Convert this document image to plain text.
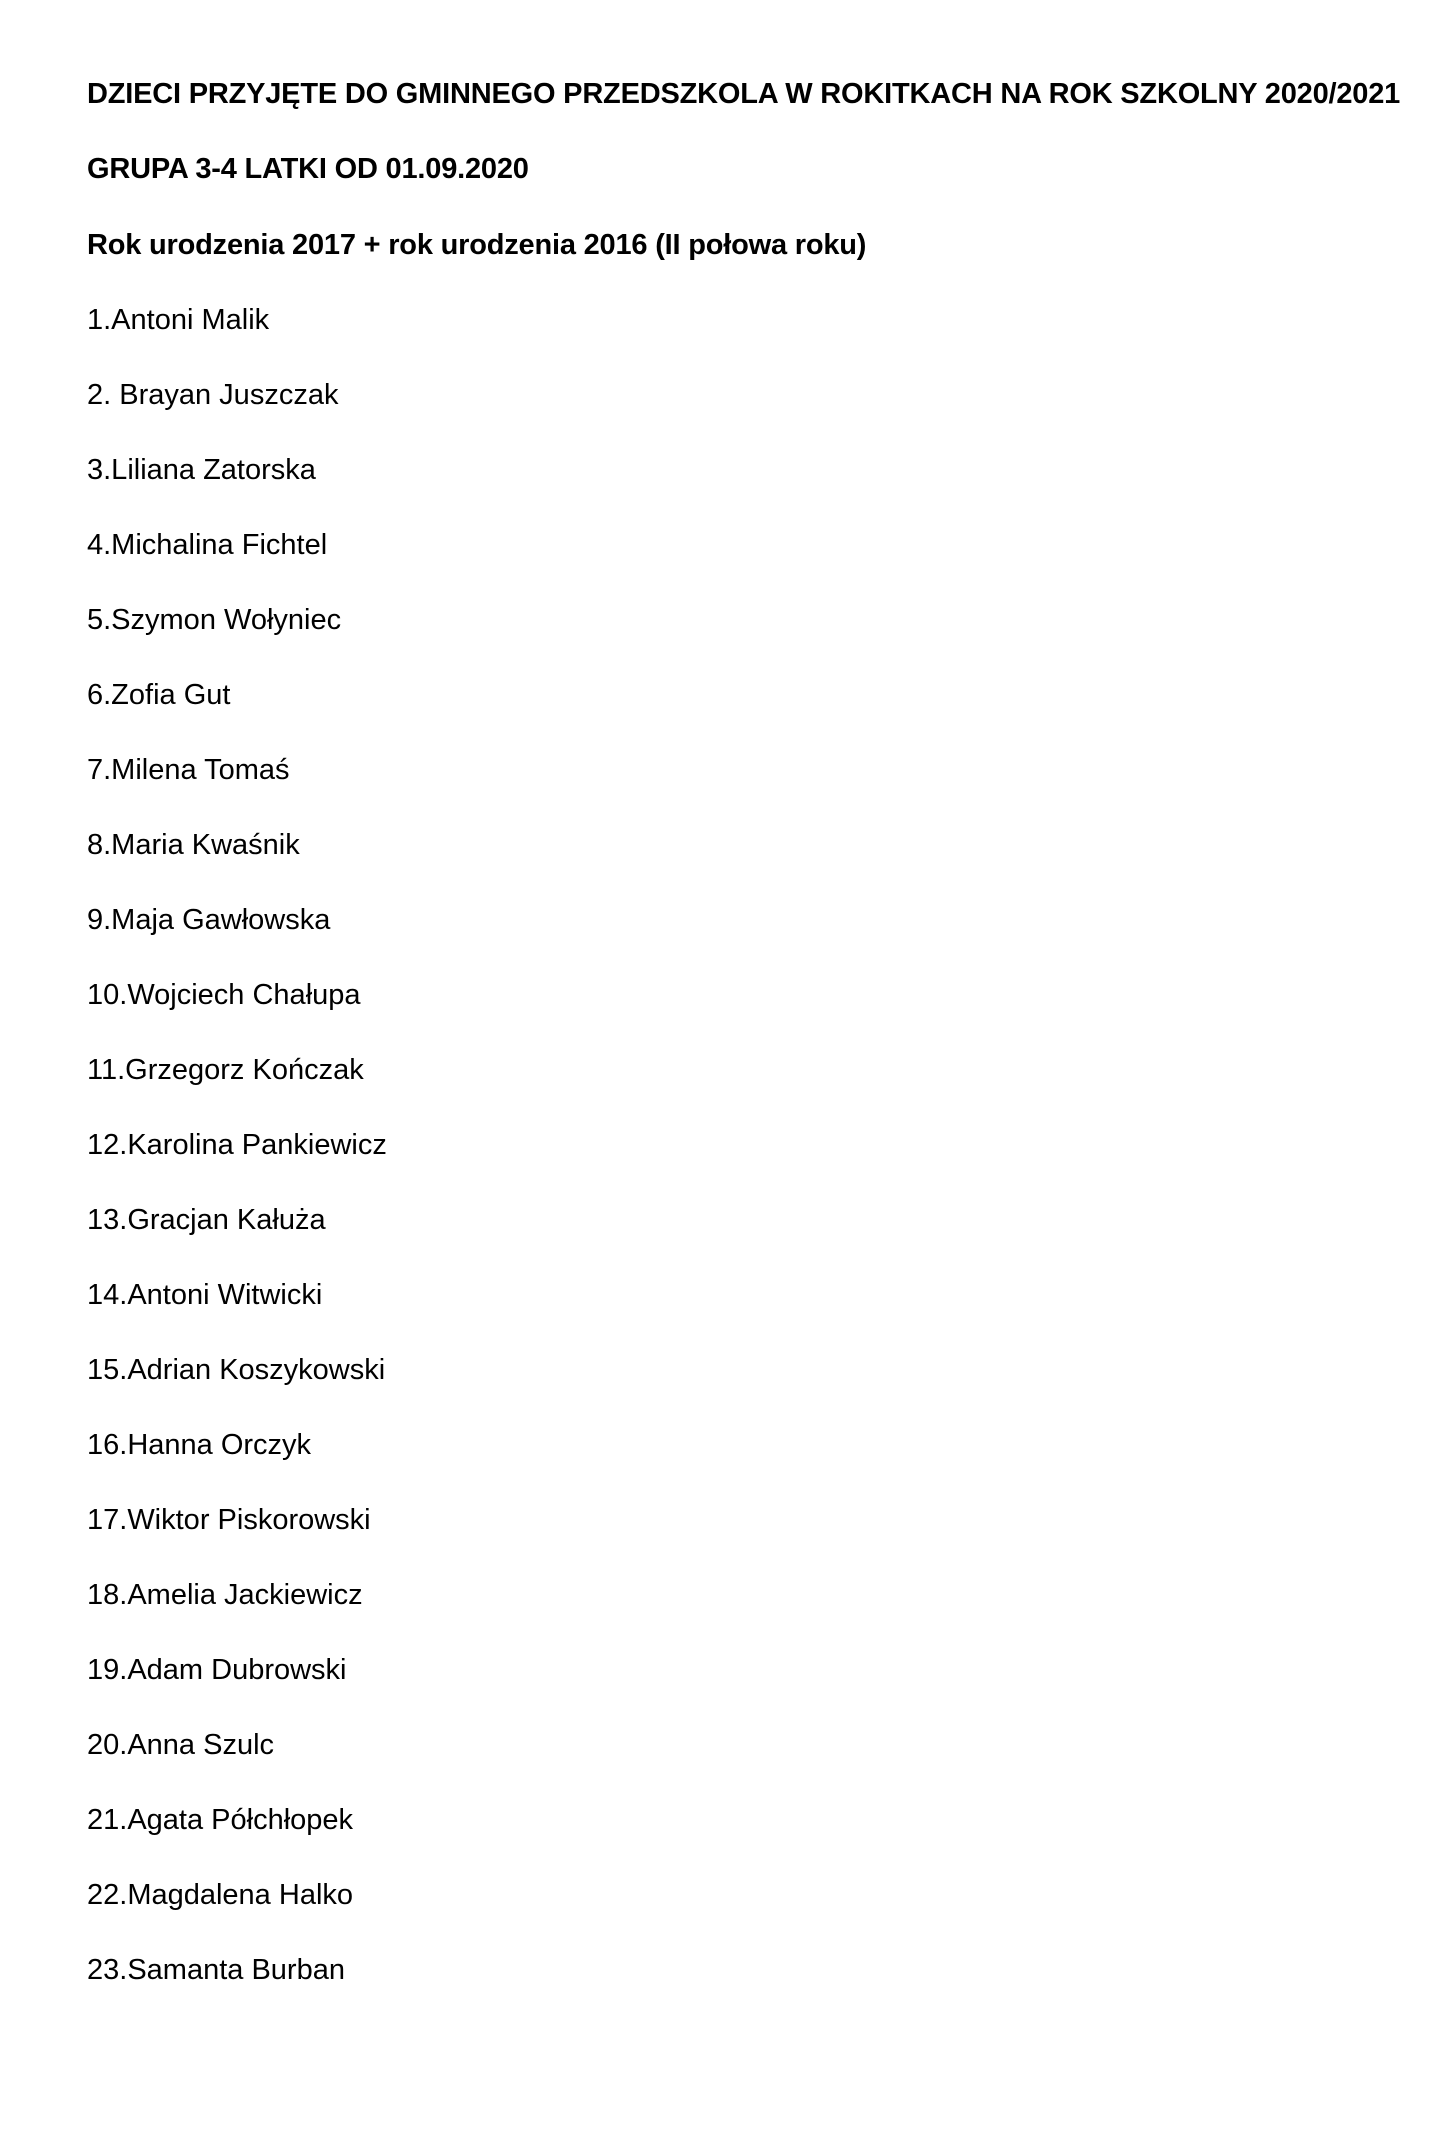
DZIECI PRZYJĘTE DO GMINNEGO PRZEDSZKOLA W ROKITKACH NA ROK SZKOLNY 2020/2021

GRUPA 3-4 LATKI OD 01.09.2020

Rok urodzenia 2017 + rok urodzenia 2016 (II połowa roku)

1.Antoni Malik
2. Brayan Juszczak
3.Liliana Zatorska
4.Michalina Fichtel
5.Szymon Wołyniec
6.Zofia Gut
7.Milena Tomaś
8.Maria Kwaśnik
9.Maja Gawłowska
10.Wojciech Chałupa
11.Grzegorz Kończak
12.Karolina Pankiewicz
13.Gracjan Kałuża
14.Antoni Witwicki
15.Adrian Koszykowski
16.Hanna Orczyk
17.Wiktor Piskorowski
18.Amelia Jackiewicz
19.Adam Dubrowski
20.Anna Szulc
21.Agata Półchłopek
22.Magdalena Halko
23.Samanta Burban
